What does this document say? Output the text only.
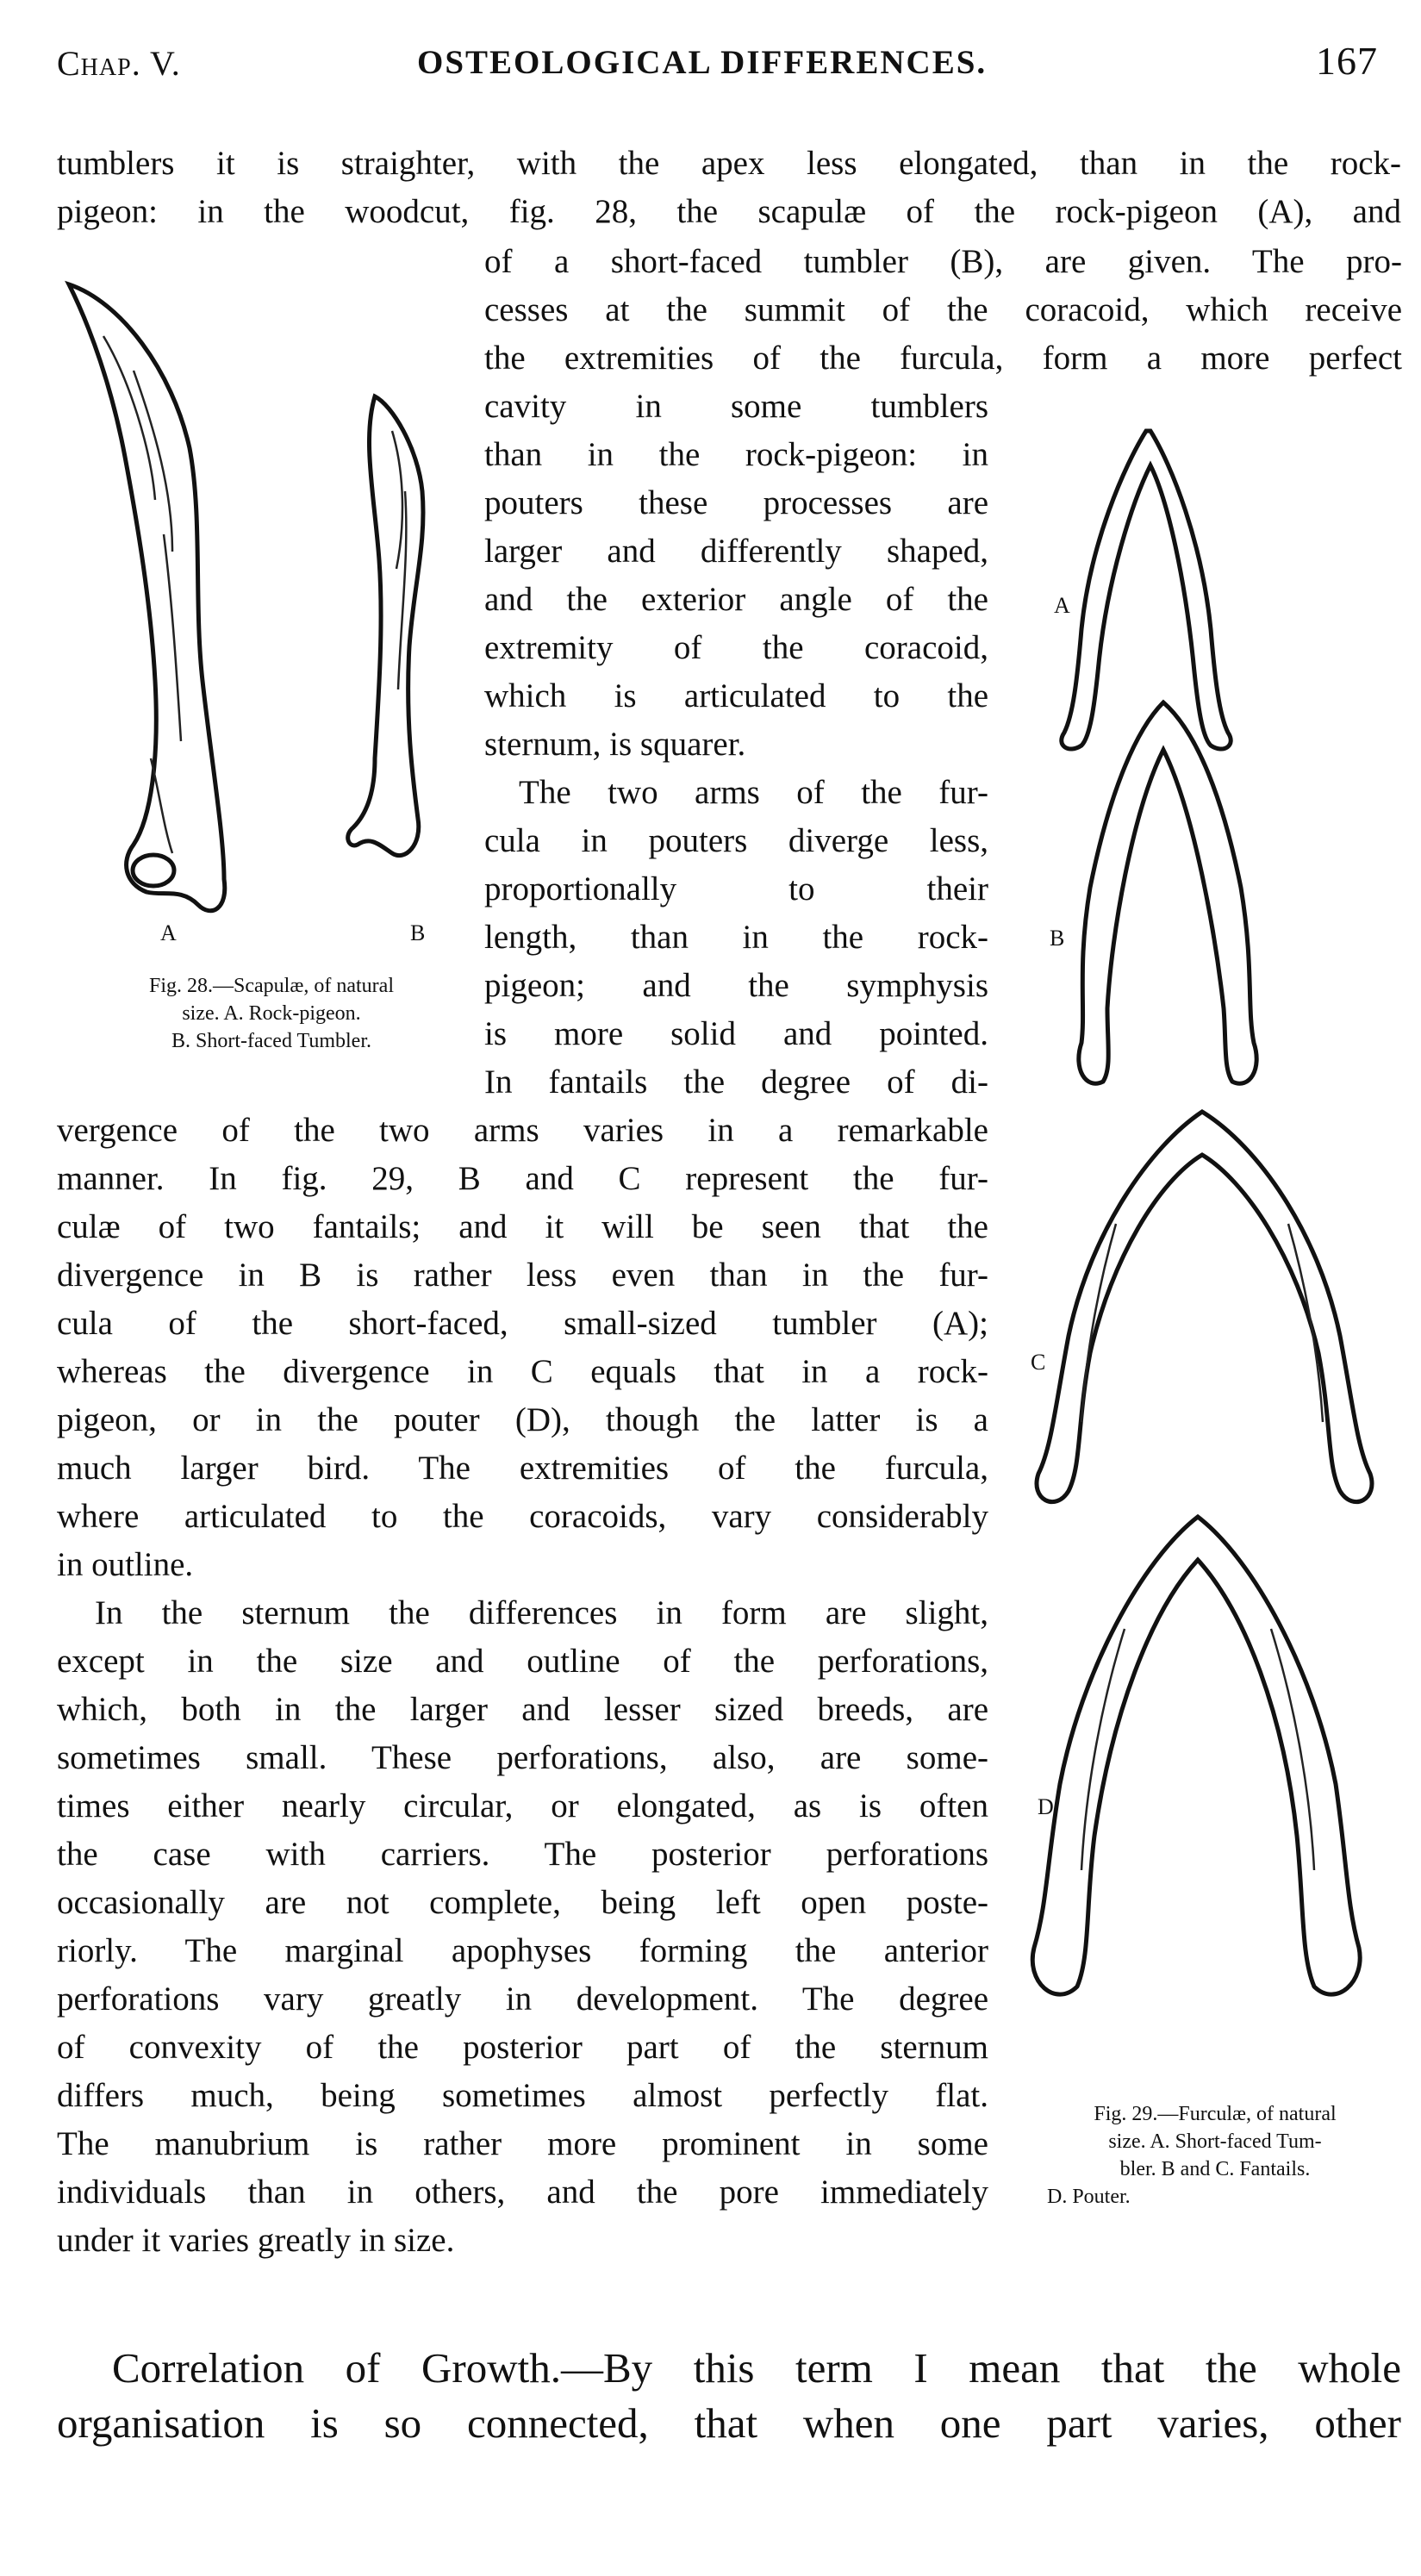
Chap. V.	OSTEOLOGICAL DIFFERENCES.	167
tumblers it is straighter, with the apex less elongated, than in the rock-
pigeon: in the woodcut, fig. 28, the scapulæ of the rock-pigeon (A), and
of a short-faced tumbler (B), are given. The pro-
cesses at the summit of the coracoid, which receive
the extremities of the furcula, form a more perfect
cavity in some tumblers
than in the rock-pigeon: in
pouters these processes are
larger and differently shaped,
and the exterior angle of the
extremity of the coracoid,
which is articulated to the
sternum, is squarer.
The two arms of the fur-
cula in pouters diverge less,
proportionally to their
length, than in the rock-
pigeon; and the symphysis
is more solid and pointed.
In fantails the degree of di-
vergence of the two arms varies in a remarkable
manner. In fig. 29, B and C represent the fur-
culæ of two fantails; and it will be seen that the
divergence in B is rather less even than in the fur-
cula of the short-faced, small-sized tumbler (A);
whereas the divergence in C equals that in a rock-
pigeon, or in the pouter (D), though the latter is a
much larger bird. The extremities of the furcula,
where articulated to the coracoids, vary considerably
in outline.
In the sternum the differences in form are slight,
except in the size and outline of the perforations,
which, both in the larger and lesser sized breeds, are
sometimes small. These perforations, also, are some-
times either nearly circular, or elongated, as is often
the case with carriers. The posterior perforations
occasionally are not complete, being left open poste-
riorly. The marginal apophyses forming the anterior
perforations vary greatly in development. The degree
of convexity of the posterior part of the sternum
differs much, being sometimes almost perfectly flat.
The manubrium is rather more prominent in some
individuals than in others, and the pore immediately
under it varies greatly in size.
Correlation of Growth.—By this term I mean that the whole
organisation is so connected, that when one part varies, other
A	B
Fig. 28.—Scapulæ, of natural
size. A. Rock-pigeon.
B. Short-faced Tumbler.
A
B
C
D
Fig. 29.—Furculæ, of natural
size. A. Short-faced Tum-
bler. B and C. Fantails.
D. Pouter.
